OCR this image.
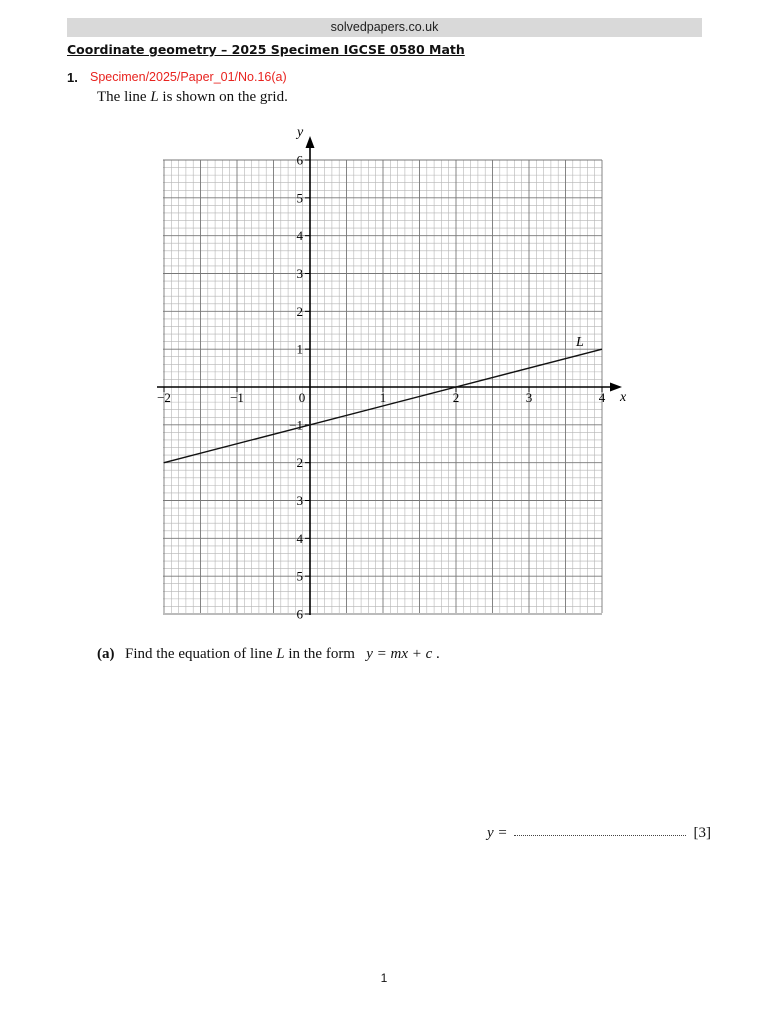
solvedpapers.co.uk
Coordinate geometry – 2025 Specimen IGCSE 0580 Math
1. Specimen/2025/Paper_01/No.16(a)
The line L is shown on the grid.
−2	−1	0	1	2	3	4
6
5
4
3
2
1
−1
2
3
4
5
6
L
x
y
(a) Find the equation of line L in the form   y = mx + c .
y =	[3]
1
